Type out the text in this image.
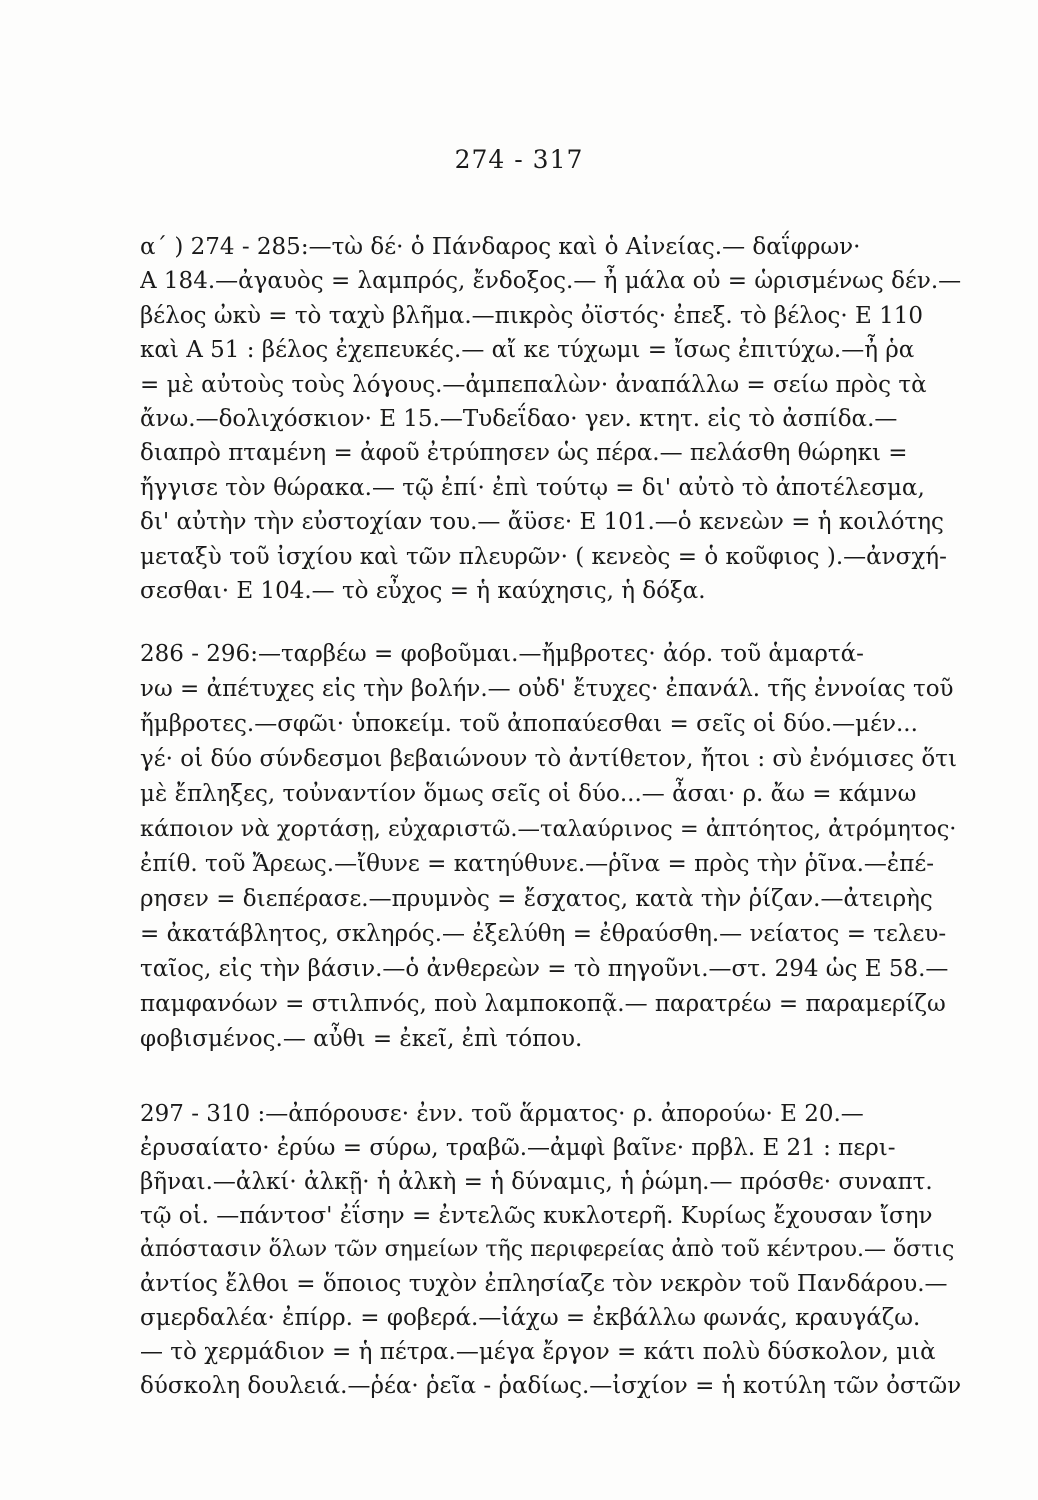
274 - 317
α΄ ) 274 - 285:—τὼ δέ· ὁ Πάνδαρος καὶ ὁ Αἰνείας.— δαΐφρων·
Α 184.—ἀγαυὸς = λαμπρός, ἔνδοξος.— ἦ μάλα οὐ = ὡρισμένως δέν.—
βέλος ὠκὺ = τὸ ταχὺ βλῆμα.—πικρὸς ὀϊστός· ἐπεξ. τὸ βέλος· Ε 110
καὶ Α 51 : βέλος ἐχεπευκές.— αἴ κε τύχωμι = ἴσως ἐπιτύχω.—ἦ ῥα
= μὲ αὐτοὺς τοὺς λόγους.—ἀμπεπαλὼν· ἀναπάλλω = σείω πρὸς τὰ
ἄνω.—δολιχόσκιον· Ε 15.—Τυδεΐδαο· γεν. κτητ. εἰς τὸ ἀσπίδα.—
διαπρὸ πταμένη = ἀφοῦ ἐτρύπησεν ὡς πέρα.— πελάσθη θώρηκι =
ἤγγισε τὸν θώρακα.— τῷ ἐπί· ἐπὶ τούτῳ = δι' αὐτὸ τὸ ἀποτέλεσμα,
δι' αὐτὴν τὴν εὐστοχίαν του.— ἄϋσε· Ε 101.—ὁ κενεὼν = ἡ κοιλότης
μεταξὺ τοῦ ἰσχίου καὶ τῶν πλευρῶν· ( κενεὸς = ὁ κοῦφιος ).—ἀνσχή-
σεσθαι· Ε 104.— τὸ εὖχος = ἡ καύχησις, ἡ δόξα.
286 - 296:—ταρβέω = φοβοῦμαι.—ἤμβροτες· ἀόρ. τοῦ ἁμαρτά-
νω = ἀπέτυχες εἰς τὴν βολήν.— οὐδ' ἔτυχες· ἐπανάλ. τῆς ἐννοίας τοῦ
ἤμβροτες.—σφῶι· ὑποκείμ. τοῦ ἀποπαύεσθαι = σεῖς οἱ δύο.—μέν...
γέ· οἱ δύο σύνδεσμοι βεβαιώνουν τὸ ἀντίθετον, ἤτοι : σὺ ἐνόμισες ὅτι
μὲ ἔπληξες, τοὐναντίον ὅμως σεῖς οἱ δύο...— ἆσαι· ρ. ἄω = κάμνω
κάποιον νὰ χορτάσῃ, εὐχαριστῶ.—ταλαύρινος = ἀπτόητος, ἀτρόμητος·
ἐπίθ. τοῦ Ἄρεως.—ἴθυνε = κατηύθυνε.—ῥῖνα = πρὸς τὴν ῥῖνα.—ἐπέ-
ρησεν = διεπέρασε.—πρυμνὸς = ἔσχατος, κατὰ τὴν ῥίζαν.—ἀτειρὴς
= ἀκατάβλητος, σκληρός.— ἐξελύθη = ἐθραύσθη.— νείατος = τελευ-
ταῖος, εἰς τὴν βάσιν.—ὁ ἀνθερεὼν = τὸ πηγοῦνι.—στ. 294 ὡς Ε 58.—
παμφανόων = στιλπνός, ποὺ λαμποκοπᾷ.— παρατρέω = παραμερίζω
φοβισμένος.— αὖθι = ἐκεῖ, ἐπὶ τόπου.
297 - 310 :—ἀπόρουσε· ἐνν. τοῦ ἅρματος· ρ. ἀπορούω· Ε 20.—
ἐρυσαίατο· ἐρύω = σύρω, τραβῶ.—ἀμφὶ βαῖνε· πρβλ. Ε 21 : περι-
βῆναι.—ἀλκί· ἀλκῇ· ἡ ἀλκὴ = ἡ δύναμις, ἡ ῥώμη.— πρόσθε· συναπτ.
τῷ οἱ. —πάντοσ' ἐΐσην = ἐντελῶς κυκλοτερῆ. Κυρίως ἔχουσαν ἴσην
ἀπόστασιν ὅλων τῶν σημείων τῆς περιφερείας ἀπὸ τοῦ κέντρου.— ὅστις
ἀντίος ἔλθοι = ὅποιος τυχὸν ἐπλησίαζε τὸν νεκρὸν τοῦ Πανδάρου.—
σμερδαλέα· ἐπίρρ. = φοβερά.—ἰάχω = ἐκβάλλω φωνάς, κραυγάζω.
— τὸ χερμάδιον = ἡ πέτρα.—μέγα ἔργον = κάτι πολὺ δύσκολον, μιὰ
δύσκολη δουλειά.—ῥέα· ῥεῖα - ῥαδίως.—ἰσχίον = ἡ κοτύλη τῶν ὀστῶν
